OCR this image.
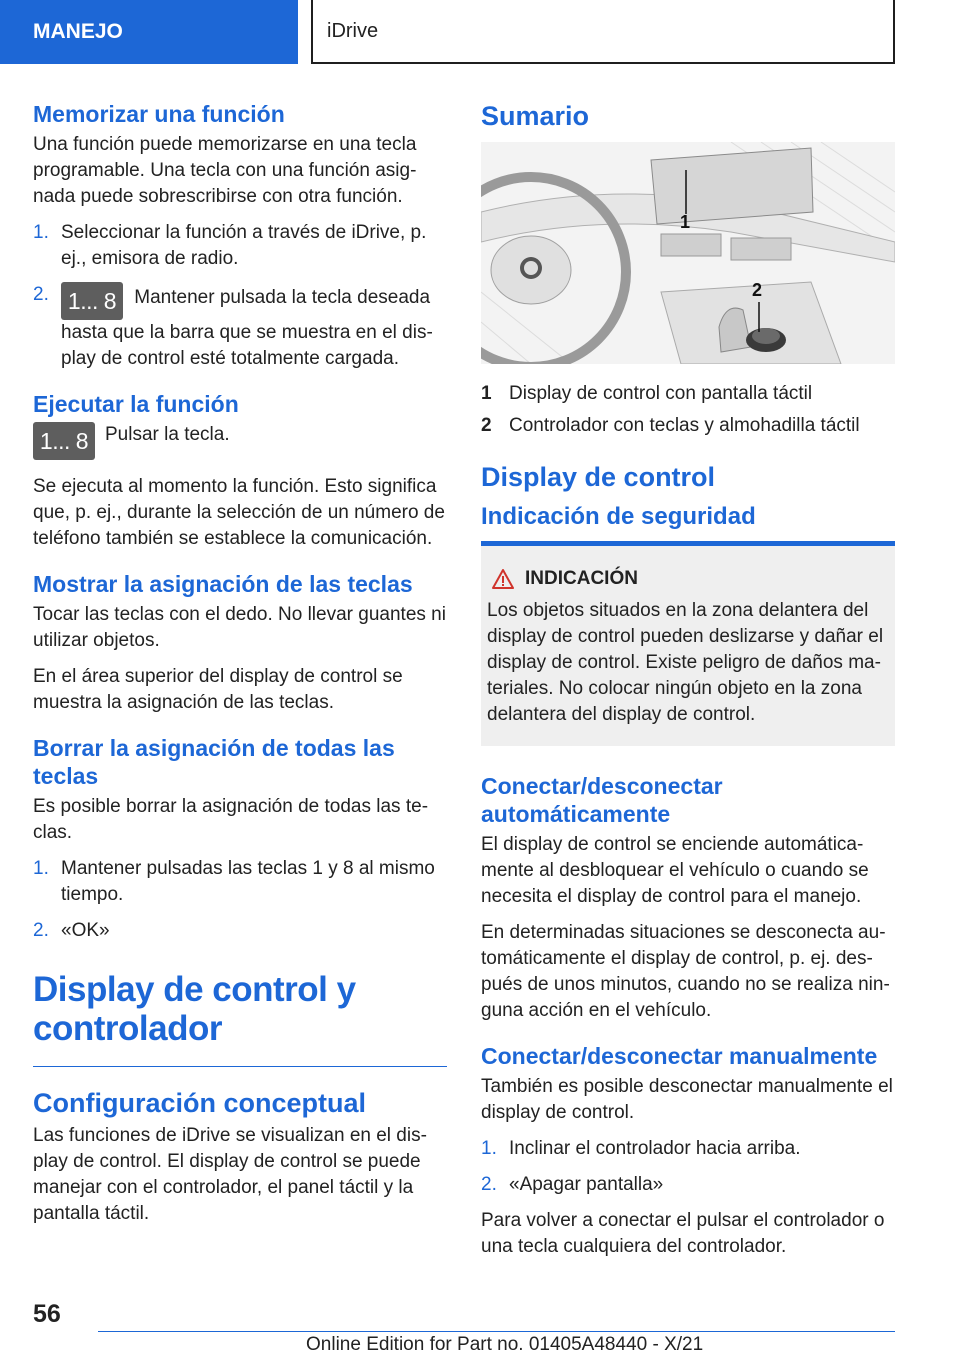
MANEJO	iDrive
Memorizar una función

Una función puede memorizarse en una tecla programable. Una tecla con una función asignada puede sobrescribirse con otra función.

1. Seleccionar la función a través de iDrive, p. ej., emisora de radio.
2. 1... 8 Mantener pulsada la tecla deseada hasta que la barra que se muestra en el display de control esté totalmente cargada.
Ejecutar la función
1... 8 Pulsar la tecla.

Se ejecuta al momento la función. Esto significa que, p. ej., durante la selección de un número de teléfono también se establece la comunicación.

Mostrar la asignación de las teclas

Tocar las teclas con el dedo. No llevar guantes ni utilizar objetos.

En el área superior del display de control se muestra la asignación de las teclas.

Borrar la asignación de todas las teclas

Es posible borrar la asignación de todas las teclas.

1. Mantener pulsadas las teclas 1 y 8 al mismo tiempo.
2. «OK»
Display de control y controlador
Configuración conceptual

Las funciones de iDrive se visualizan en el display de control. El display de control se puede manejar con el controlador, el panel táctil y la pantalla táctil.

Sumario
1
2
1 Display de control con pantalla táctil
2 Controlador con teclas y almohadilla táctil
Display de control
Indicación de seguridad
INDICACIÓN

Los objetos situados en la zona delantera del display de control pueden deslizarse y dañar el display de control. Existe peligro de daños materiales. No colocar ningún objeto en la zona delantera del display de control.

Conectar/desconectar automáticamente

El display de control se enciende automáticamente al desbloquear el vehículo o cuando se necesita el display de control para el manejo.

En determinadas situaciones se desconecta automáticamente el display de control, p. ej. después de unos minutos, cuando no se realiza ninguna acción en el vehículo.

Conectar/desconectar manualmente

También es posible desconectar manualmente el display de control.

1. Inclinar el controlador hacia arriba.
2. «Apagar pantalla»

Para volver a conectar el pulsar el controlador o una tecla cualquiera del controlador.

56
Online Edition for Part no. 01405A48440 - X/21
